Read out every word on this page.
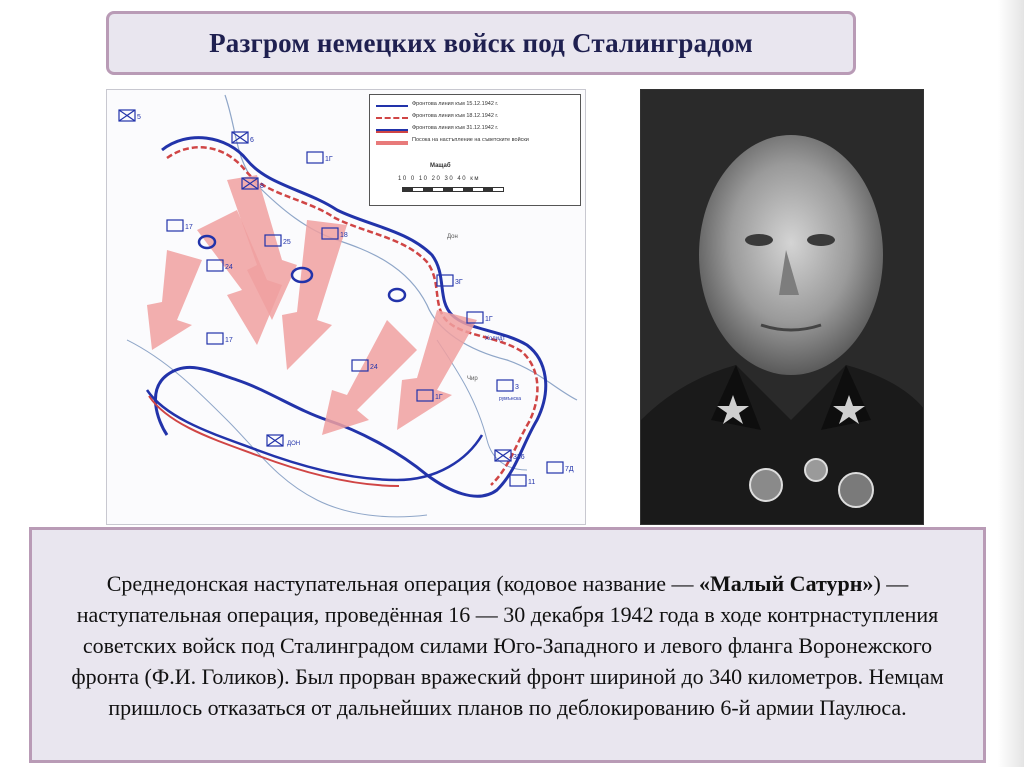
Разгром немецких войск под Сталинградом
5
6
1Г
8
17
25
24
18
3Г
1Г
17
24
3
1Г
336
7Д
11
Дон
Чир
ДОН
румънска
Холидт
Фронтова линия към 15.12.1942 г.
Фронтова линия към 18.12.1942 г.
Фронтова линия към 31.12.1942 г.
Посока на настъпление на съветските войски
Мащаб
10 0 10 20 30 40 км
Среднедонская наступательная операция (кодовое название — «Малый Сатурн») — наступательная операция, проведённая 16 — 30 декабря 1942 года в ходе контрнаступления советских войск под Сталинградом силами Юго-Западного и левого фланга Воронежского фронта (Ф.И. Голиков). Был прорван вражеский фронт шириной до 340 километров. Немцам пришлось отказаться от дальнейших планов по деблокированию 6-й армии Паулюса.
